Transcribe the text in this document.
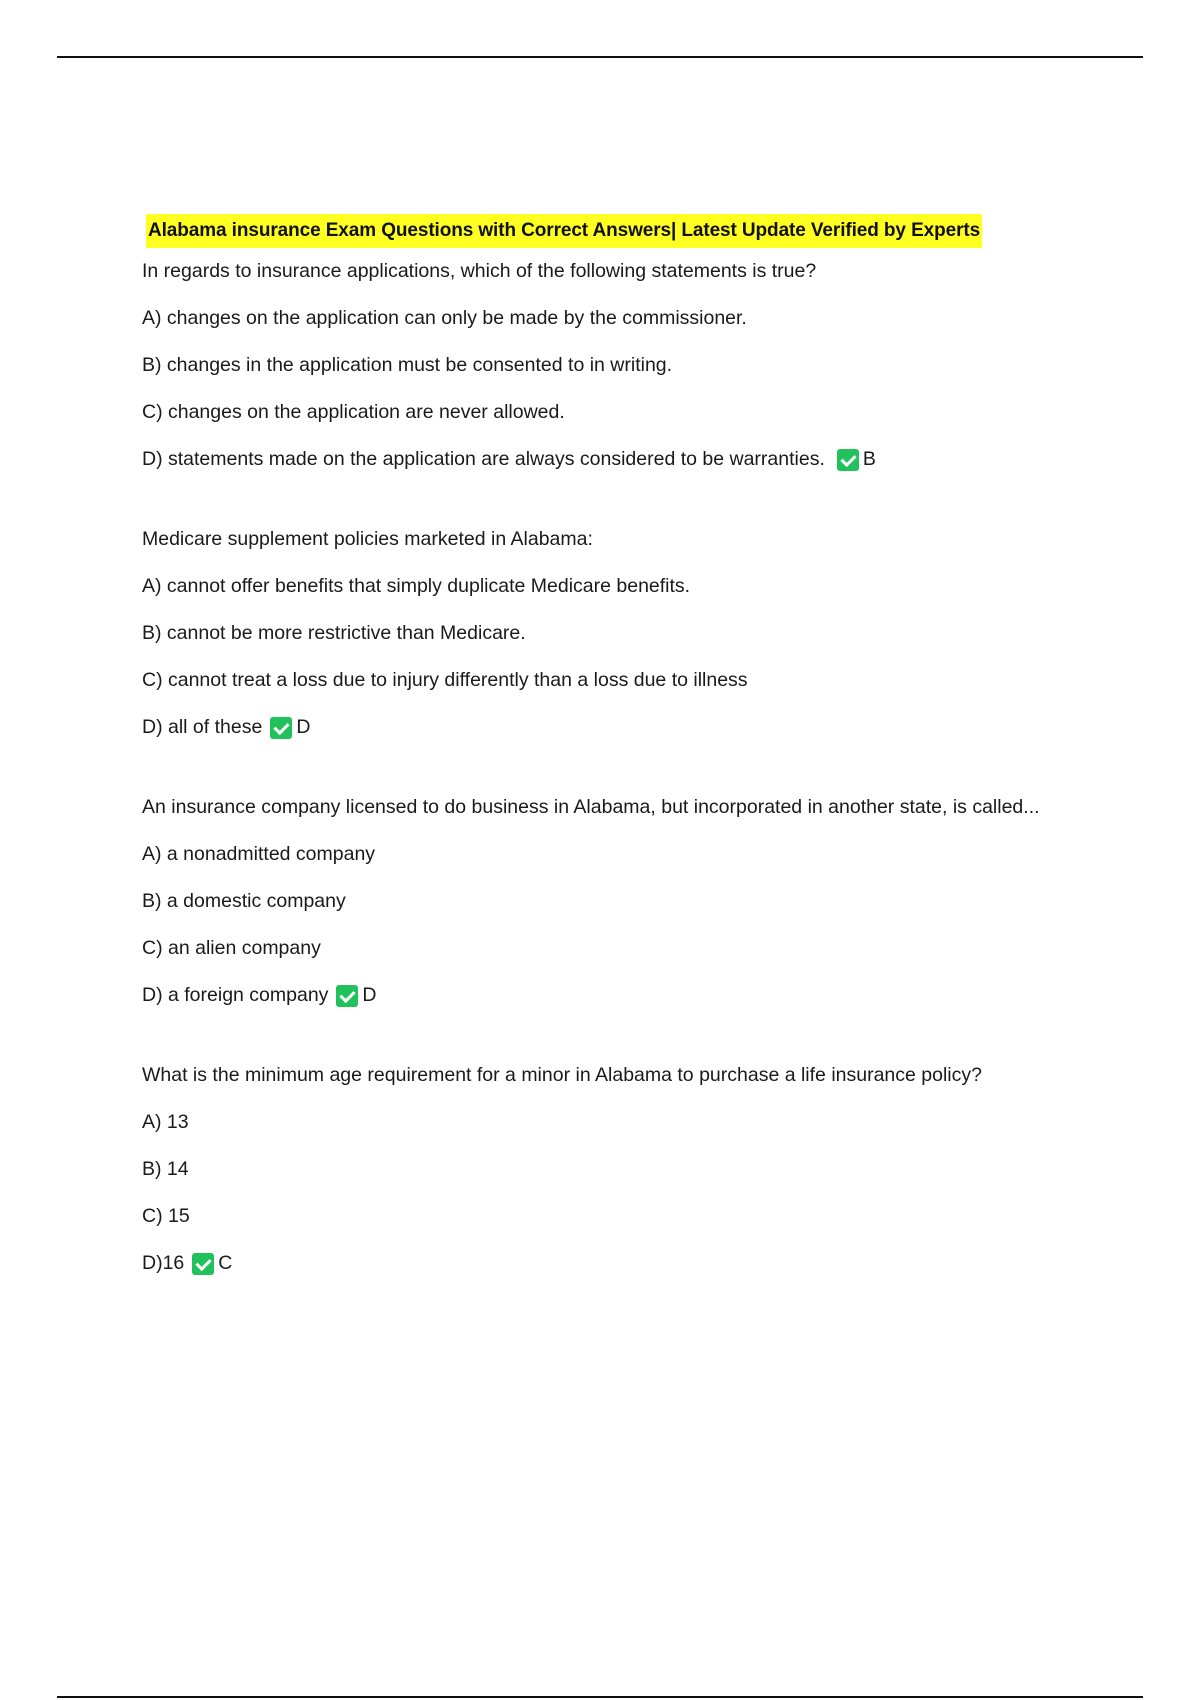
Alabama insurance Exam Questions with Correct Answers| Latest Update Verified by Experts
In regards to insurance applications, which of the following statements is true?
A) changes on the application can only be made by the commissioner.
B) changes in the application must be consented to in writing.
C) changes on the application are never allowed.
D) statements made on the application are always considered to be warranties. B
Medicare supplement policies marketed in Alabama:
A) cannot offer benefits that simply duplicate Medicare benefits.
B) cannot be more restrictive than Medicare.
C) cannot treat a loss due to injury differently than a loss due to illness
D) all of these D
An insurance company licensed to do business in Alabama, but incorporated in another state, is called...
A) a nonadmitted company
B) a domestic company
C) an alien company
D) a foreign company D
What is the minimum age requirement for a minor in Alabama to purchase a life insurance policy?
A) 13
B) 14
C) 15
D)16 C
